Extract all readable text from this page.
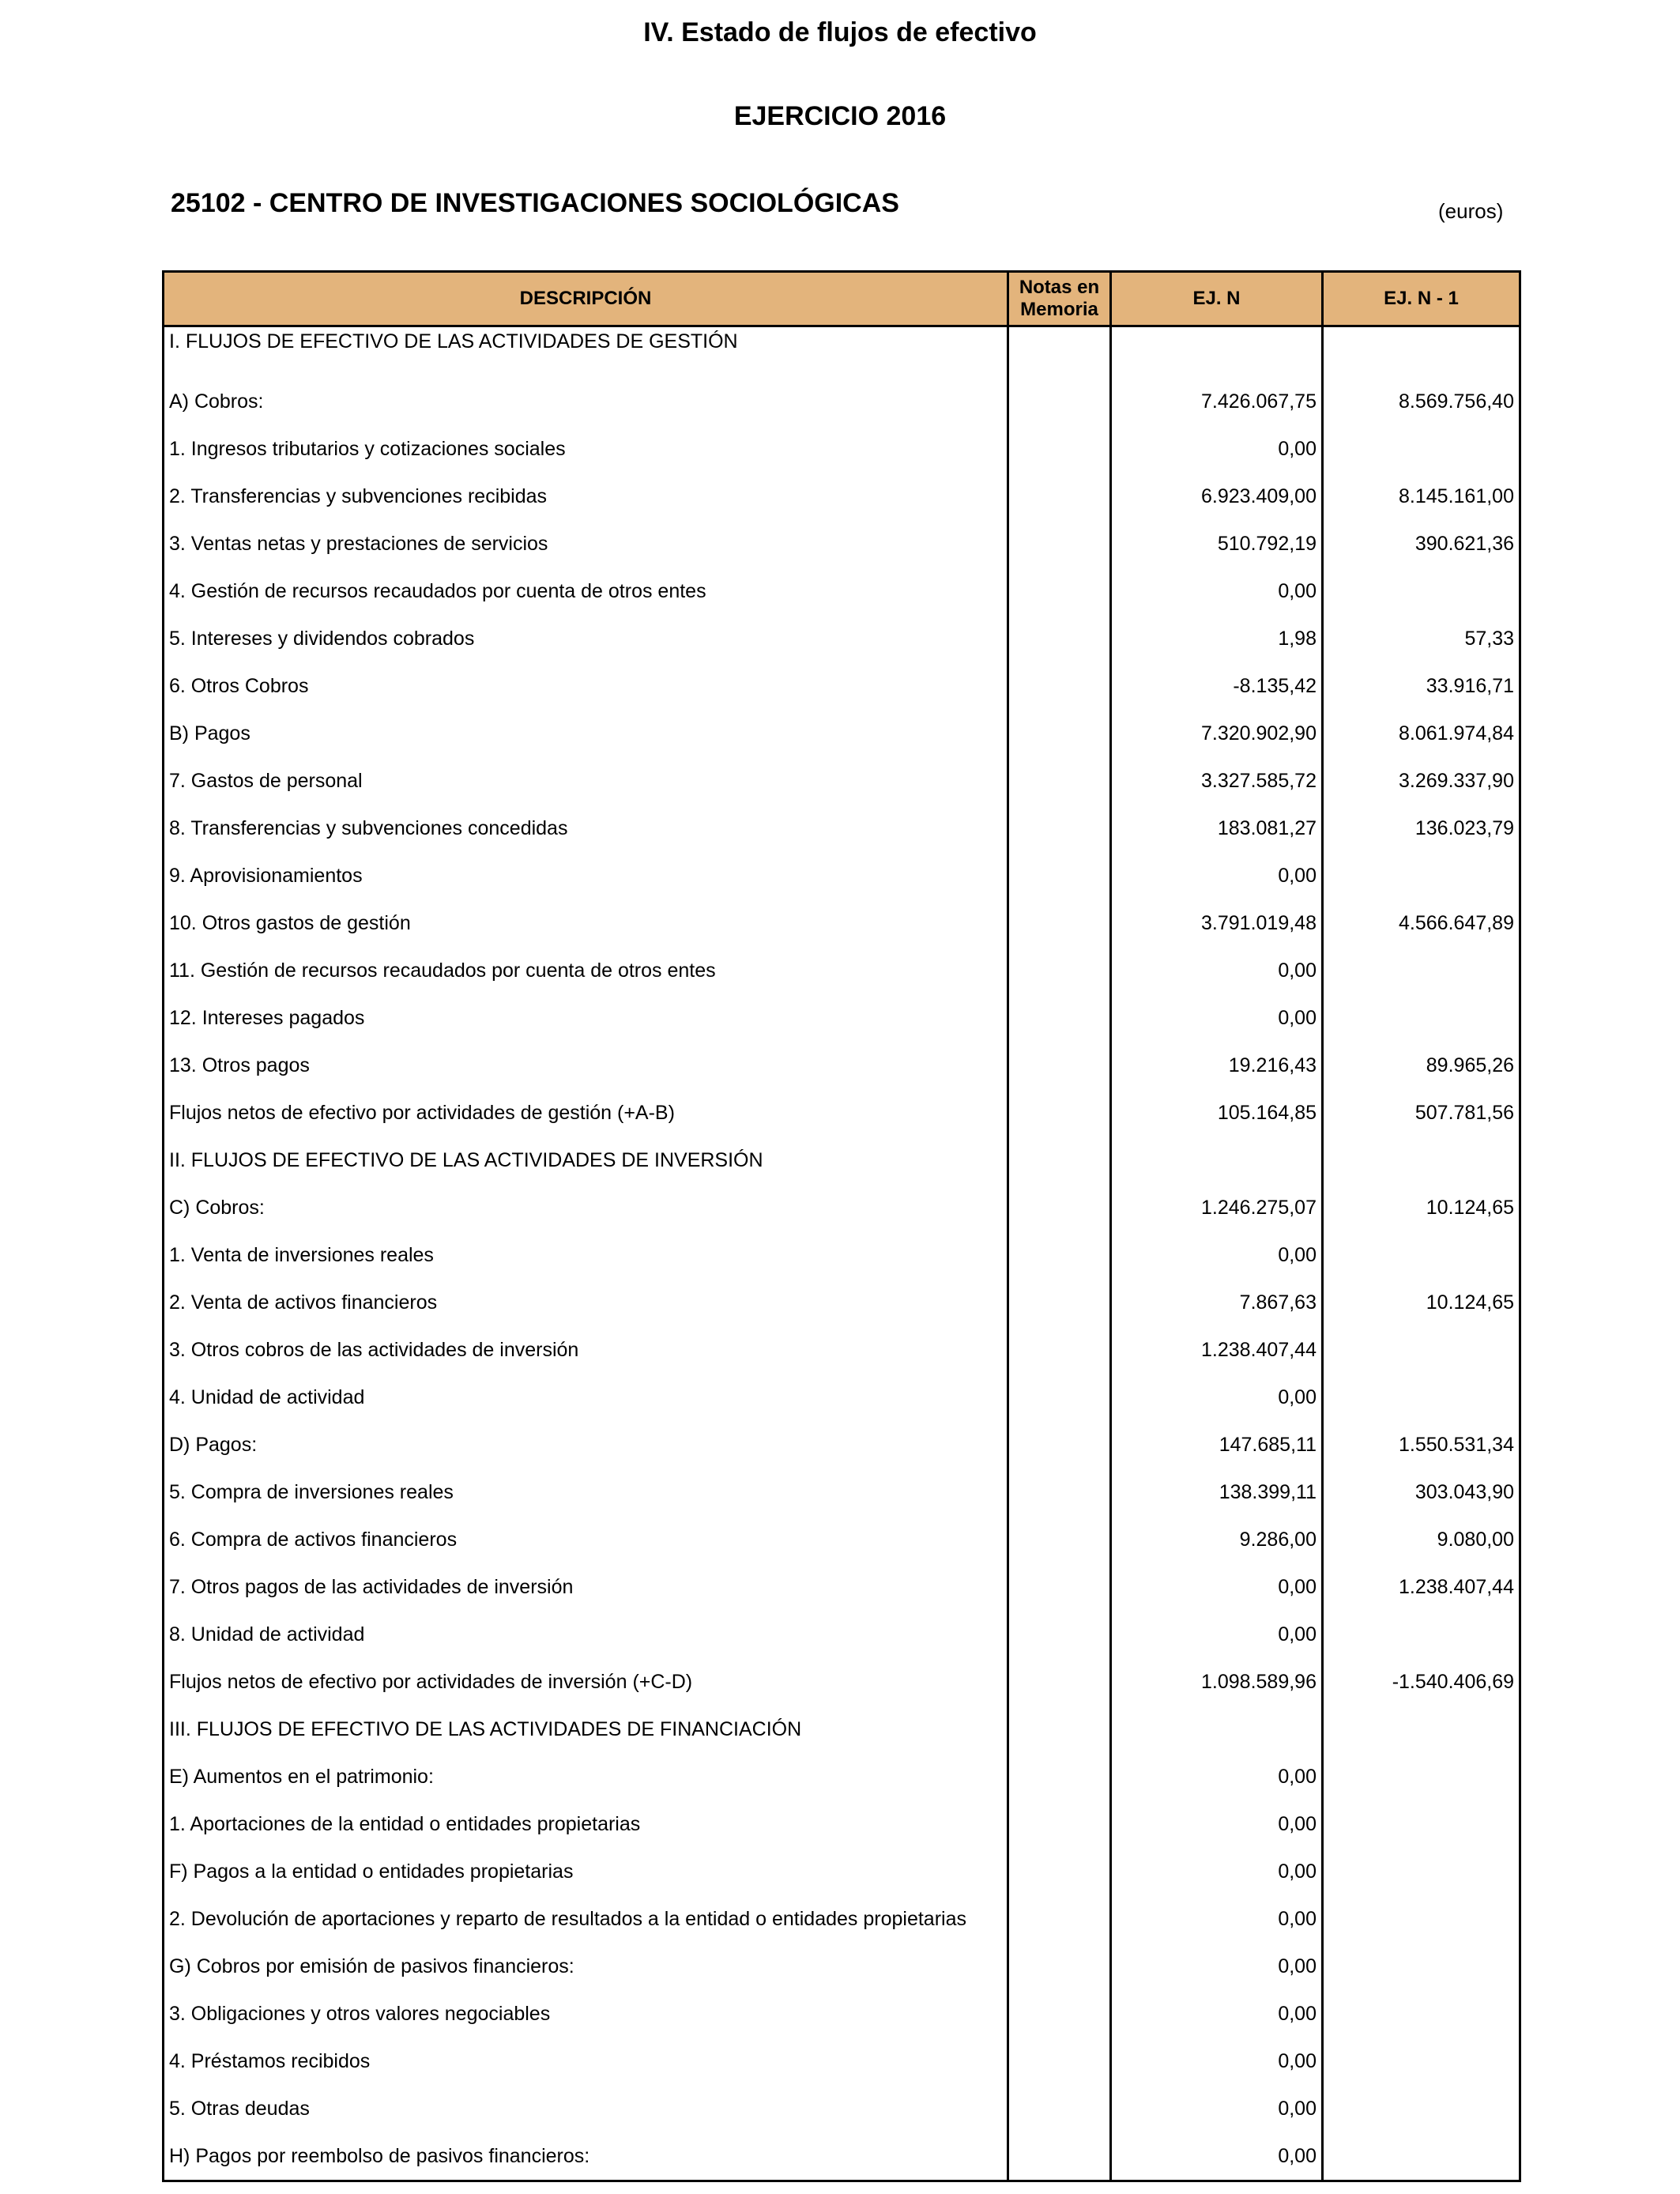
IV. Estado de flujos de efectivo
EJERCICIO 2016
25102 - CENTRO DE INVESTIGACIONES SOCIOLÓGICAS	(euros)
DESCRIPCIÓN	Notas en Memoria	EJ. N	EJ. N - 1
I. FLUJOS DE EFECTIVO DE LAS ACTIVIDADES DE GESTIÓN			
A) Cobros:		7.426.067,75	8.569.756,40
1. Ingresos tributarios y cotizaciones sociales		0,00	
2. Transferencias y subvenciones recibidas		6.923.409,00	8.145.161,00
3. Ventas netas y prestaciones de servicios		510.792,19	390.621,36
4. Gestión de recursos recaudados por cuenta de otros entes		0,00	
5. Intereses y dividendos cobrados		1,98	57,33
6. Otros Cobros		-8.135,42	33.916,71
B) Pagos		7.320.902,90	8.061.974,84
7. Gastos de personal		3.327.585,72	3.269.337,90
8. Transferencias y subvenciones concedidas		183.081,27	136.023,79
9. Aprovisionamientos		0,00	
10. Otros gastos de gestión		3.791.019,48	4.566.647,89
11. Gestión de recursos recaudados por cuenta de otros entes		0,00	
12. Intereses pagados		0,00	
13. Otros pagos		19.216,43	89.965,26
Flujos netos de efectivo por actividades de gestión (+A-B)		105.164,85	507.781,56
II. FLUJOS DE EFECTIVO DE LAS ACTIVIDADES DE INVERSIÓN			
C) Cobros:		1.246.275,07	10.124,65
1. Venta de inversiones reales		0,00	
2. Venta de activos financieros		7.867,63	10.124,65
3. Otros cobros de las actividades de inversión		1.238.407,44	
4. Unidad de actividad		0,00	
D) Pagos:		147.685,11	1.550.531,34
5. Compra de inversiones reales		138.399,11	303.043,90
6. Compra de activos financieros		9.286,00	9.080,00
7. Otros pagos de las actividades de inversión		0,00	1.238.407,44
8. Unidad de actividad		0,00	
Flujos netos de efectivo por actividades de inversión (+C-D)		1.098.589,96	-1.540.406,69
III. FLUJOS DE EFECTIVO DE LAS ACTIVIDADES DE FINANCIACIÓN			
E) Aumentos en el patrimonio:		0,00	
1. Aportaciones de la entidad o entidades propietarias		0,00	
F) Pagos a la entidad o entidades propietarias		0,00	
2. Devolución de aportaciones y reparto de resultados a la entidad o entidades propietarias		0,00	
G) Cobros por emisión de pasivos financieros:		0,00	
3. Obligaciones y otros valores negociables		0,00	
4. Préstamos recibidos		0,00	
5. Otras deudas		0,00	
H) Pagos por reembolso de pasivos financieros:		0,00	
